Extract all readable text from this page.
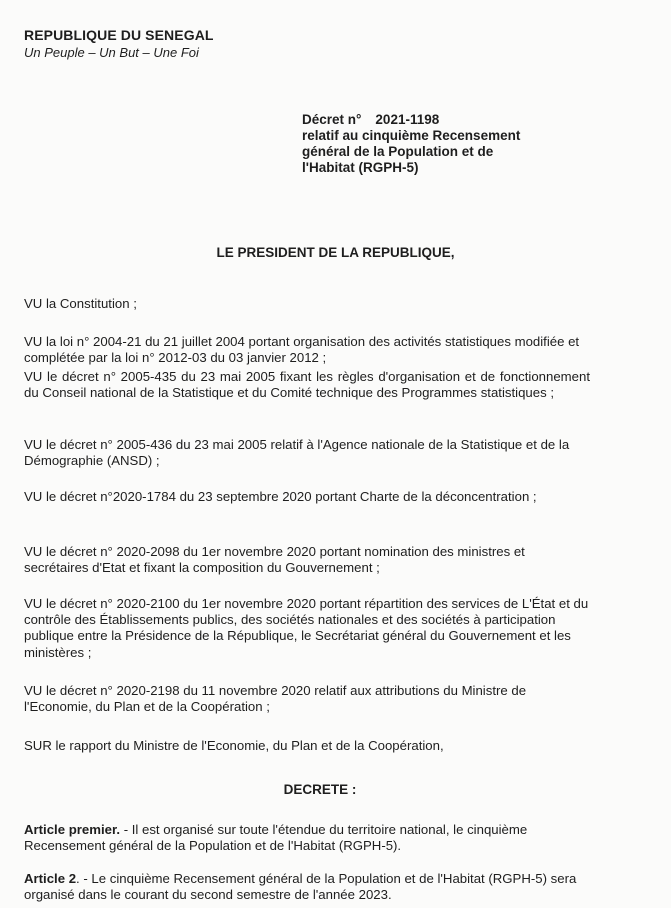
REPUBLIQUE DU SENEGAL
Un Peuple – Un But – Une Foi
Décret n° 2021-1198
relatif au cinquième Recensement
général de la Population et de
l'Habitat (RGPH-5)
LE PRESIDENT DE LA REPUBLIQUE,
VU la Constitution ;
VU la loi n° 2004-21 du 21 juillet 2004 portant organisation des activités statistiques modifiée et complétée par la loi n° 2012-03 du 03 janvier 2012 ;
VU le décret n° 2005-435 du 23 mai 2005 fixant les règles d'organisation et de fonctionnement du Conseil national de la Statistique et du Comité technique des Programmes statistiques ;
VU le décret n° 2005-436 du 23 mai 2005 relatif à l'Agence nationale de la Statistique et de la Démographie (ANSD) ;
VU le décret n°2020-1784 du 23 septembre 2020 portant Charte de la déconcentration ;
VU le décret n° 2020-2098 du 1er novembre 2020 portant nomination des ministres et secrétaires d'Etat et fixant la composition du Gouvernement ;
VU le décret n° 2020-2100 du 1er novembre 2020 portant répartition des services de L'État et du contrôle des Établissements publics, des sociétés nationales et des sociétés à participation publique entre la Présidence de la République, le Secrétariat général du Gouvernement et les ministères ;
VU le décret n° 2020-2198 du 11 novembre 2020 relatif aux attributions du Ministre de l'Economie, du Plan et de la Coopération ;
SUR le rapport du Ministre de l'Economie, du Plan et de la Coopération,
DECRETE :
Article premier. - Il est organisé sur toute l'étendue du territoire national, le cinquième Recensement général de la Population et de l'Habitat (RGPH-5).
Article 2. - Le cinquième Recensement général de la Population et de l'Habitat (RGPH-5) sera organisé dans le courant du second semestre de l'année 2023.
